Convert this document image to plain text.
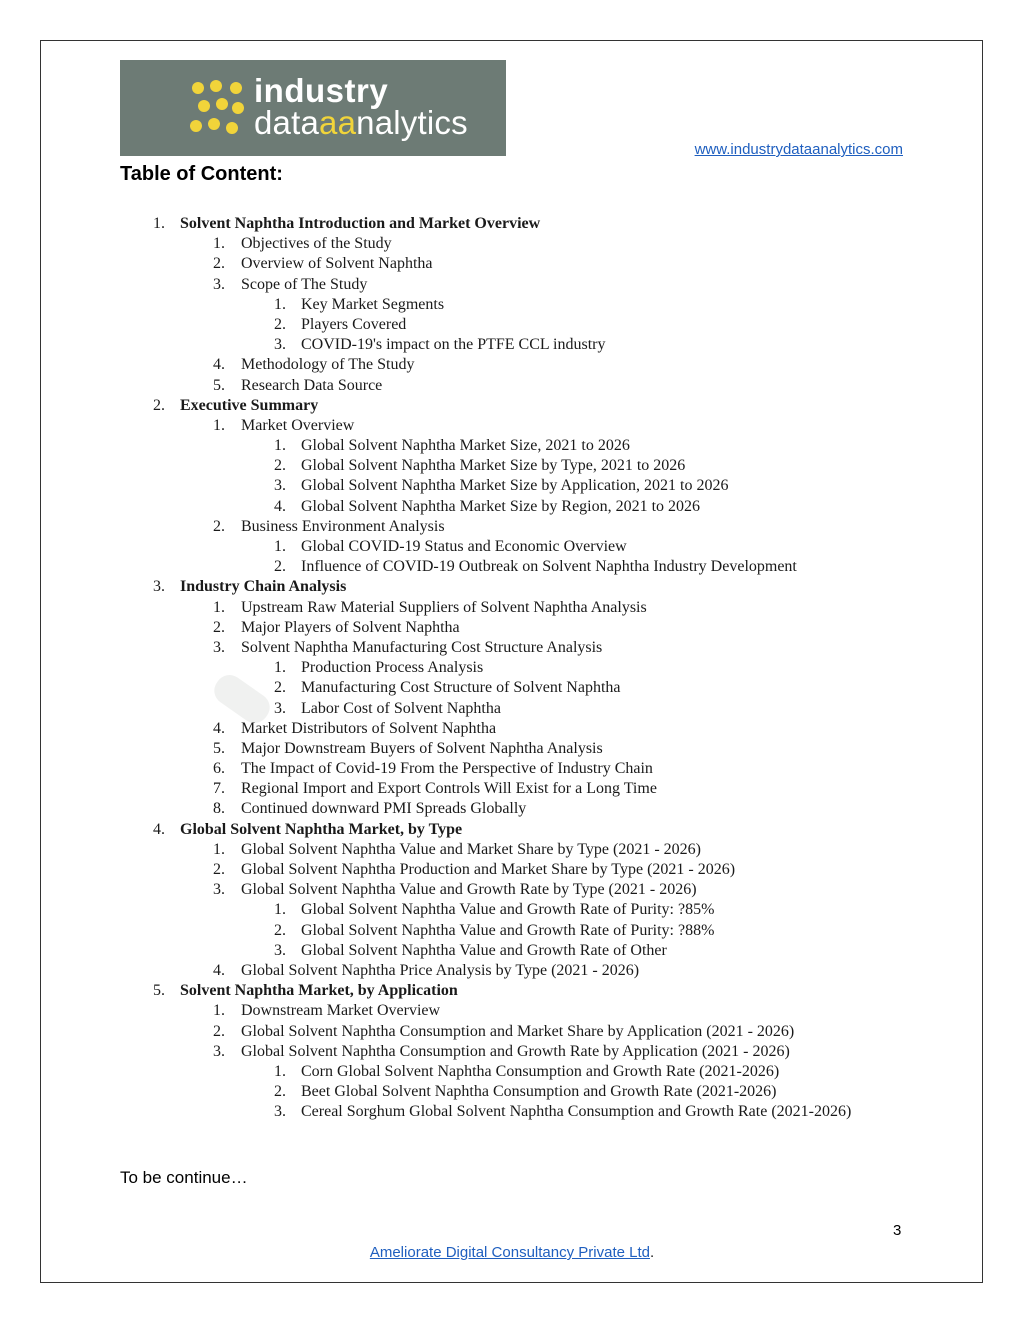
industry
dataaanalytics
www.industrydataanalytics.com
Table of Content:
1. Solvent Naphtha Introduction and Market Overview
1. Objectives of the Study
2. Overview of Solvent Naphtha
3. Scope of The Study
1. Key Market Segments
2. Players Covered
3. COVID-19's impact on the PTFE CCL industry
4. Methodology of The Study
5. Research Data Source
2. Executive Summary
1. Market Overview
1. Global Solvent Naphtha Market Size, 2021 to 2026
2. Global Solvent Naphtha Market Size by Type, 2021 to 2026
3. Global Solvent Naphtha Market Size by Application, 2021 to 2026
4. Global Solvent Naphtha Market Size by Region, 2021 to 2026
2. Business Environment Analysis
1. Global COVID-19 Status and Economic Overview
2. Influence of COVID-19 Outbreak on Solvent Naphtha Industry Development
3. Industry Chain Analysis
1. Upstream Raw Material Suppliers of Solvent Naphtha Analysis
2. Major Players of Solvent Naphtha
3. Solvent Naphtha Manufacturing Cost Structure Analysis
1. Production Process Analysis
2. Manufacturing Cost Structure of Solvent Naphtha
3. Labor Cost of Solvent Naphtha
4. Market Distributors of Solvent Naphtha
5. Major Downstream Buyers of Solvent Naphtha Analysis
6. The Impact of Covid-19 From the Perspective of Industry Chain
7. Regional Import and Export Controls Will Exist for a Long Time
8. Continued downward PMI Spreads Globally
4. Global Solvent Naphtha Market, by Type
1. Global Solvent Naphtha Value and Market Share by Type (2021 - 2026)
2. Global Solvent Naphtha Production and Market Share by Type (2021 - 2026)
3. Global Solvent Naphtha Value and Growth Rate by Type (2021 - 2026)
1. Global Solvent Naphtha Value and Growth Rate of Purity: ?85%
2. Global Solvent Naphtha Value and Growth Rate of Purity: ?88%
3. Global Solvent Naphtha Value and Growth Rate of Other
4. Global Solvent Naphtha Price Analysis by Type (2021 - 2026)
5. Solvent Naphtha Market, by Application
1. Downstream Market Overview
2. Global Solvent Naphtha Consumption and Market Share by Application (2021 - 2026)
3. Global Solvent Naphtha Consumption and Growth Rate by Application (2021 - 2026)
1. Corn Global Solvent Naphtha Consumption and Growth Rate (2021-2026)
2. Beet Global Solvent Naphtha Consumption and Growth Rate (2021-2026)
3. Cereal Sorghum Global Solvent Naphtha Consumption and Growth Rate (2021-2026)
To be continue…
3
Ameliorate Digital Consultancy Private Ltd.
